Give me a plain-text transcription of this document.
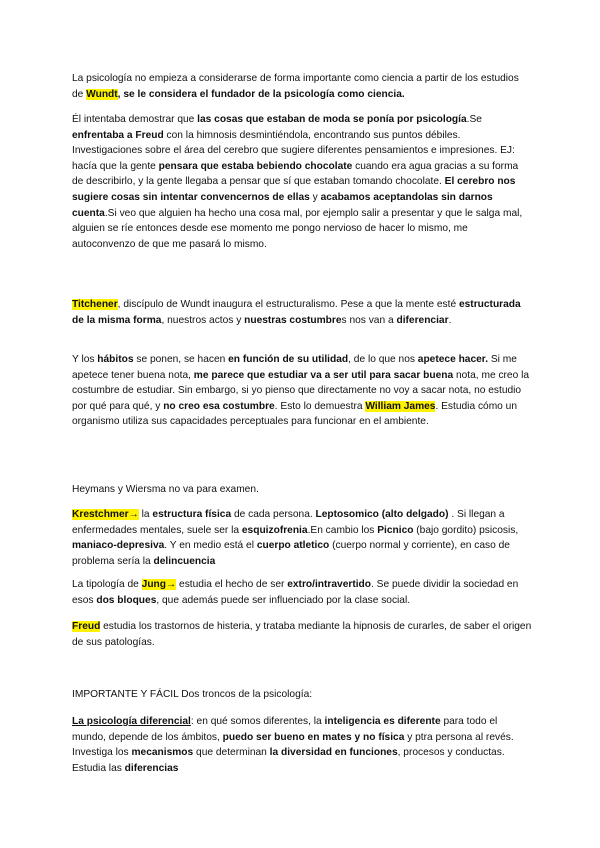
La psicología no empieza a considerarse de forma importante como ciencia a partir de los estudios de Wundt, se le considera el fundador de la psicología como ciencia.

Él intentaba demostrar que las cosas que estaban de moda se ponía por psicología.Se enfrentaba a Freud con la himnosis desmintiéndola, encontrando sus puntos débiles. Investigaciones sobre el área del cerebro que sugiere diferentes pensamientos e impresiones. EJ: hacía que la gente pensara que estaba bebiendo chocolate cuando era agua gracias a su forma de describirlo, y la gente llegaba a pensar que sí que estaban tomando chocolate. El cerebro nos sugiere cosas sin intentar convencernos de ellas y acabamos aceptandolas sin darnos cuenta.Si veo que alguien ha hecho una cosa mal, por ejemplo salir a presentar y que le salga mal, alguien se ríe entonces desde ese momento me pongo nervioso de hacer lo mismo, me autoconvenzo de que me pasará lo mismo.

Titchener, discípulo de Wundt inaugura el estructuralismo. Pese a que la mente esté estructurada de la misma forma, nuestros actos y nuestras costumbres nos van a diferenciar.

Y los hábitos se ponen, se hacen en función de su utilidad, de lo que nos apetece hacer. Si me apetece tener buena nota, me parece que estudiar va a ser util para sacar buena nota, me creo la costumbre de estudiar. Sin embargo, si yo pienso que directamente no voy a sacar nota, no estudio por qué para qué, y no creo esa costumbre. Esto lo demuestra William James. Estudia cómo un organismo utiliza sus capacidades perceptuales para funcionar en el ambiente.

Heymans y Wiersma no va para examen.

Krestchmer→ la estructura física de cada persona. Leptosomico (alto delgado) . Si llegan a enfermedades mentales, suele ser la esquizofrenia.En cambio los Picnico (bajo gordito) psicosis, maniaco-depresiva. Y en medio está el cuerpo atletico (cuerpo normal y corriente), en caso de problema sería la delincuencia

La tipología de Jung→ estudia el hecho de ser extro/intravertido. Se puede dividir la sociedad en esos dos bloques, que además puede ser influenciado por la clase social.

Freud estudia los trastornos de histeria, y trataba mediante la hipnosis de curarles, de saber el origen de sus patologías.

IMPORTANTE Y FÁCIL Dos troncos de la psicología:

La psicología diferencial: en qué somos diferentes, la inteligencia es diferente para todo el mundo, depende de los ámbitos, puedo ser bueno en mates y no física y ptra persona al revés. Investiga los mecanismos que determinan la diversidad en funciones, procesos y conductas. Estudia las diferencias
